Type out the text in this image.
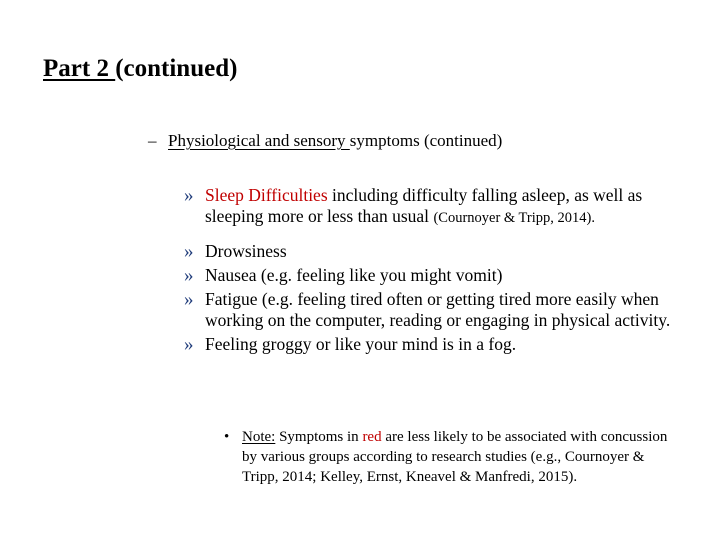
Part 2 (continued)

– Physiological and sensory symptoms (continued)

» Sleep Difficulties including difficulty falling asleep, as well as sleeping more or less than usual (Cournoyer & Tripp, 2014).
» Drowsiness
» Nausea (e.g. feeling like you might vomit)
» Fatigue (e.g. feeling tired often or getting tired more easily when working on the computer, reading or engaging in physical activity.
» Feeling groggy or like your mind is in a fog.

• Note: Symptoms in red are less likely to be associated with concussion by various groups according to research studies (e.g., Cournoyer & Tripp, 2014; Kelley, Ernst, Kneavel & Manfredi, 2015).
